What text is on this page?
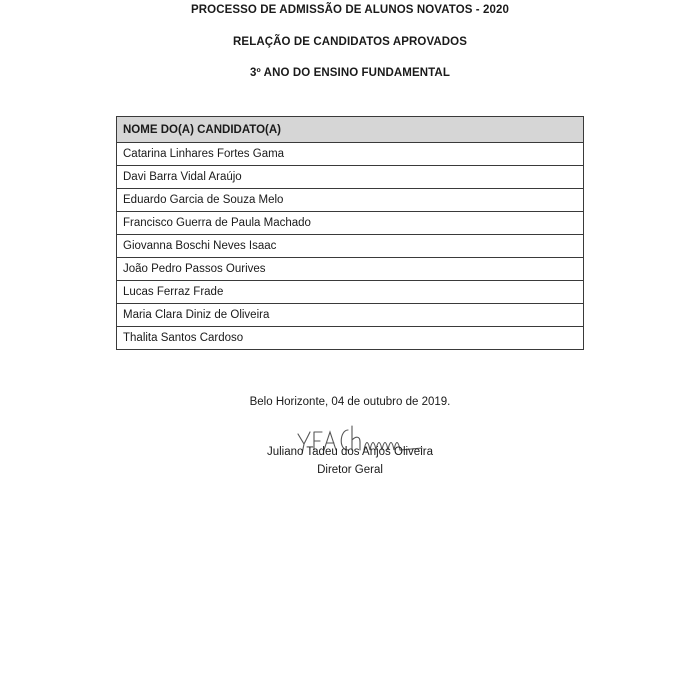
PROCESSO DE ADMISSÃO DE ALUNOS NOVATOS - 2020
RELAÇÃO DE CANDIDATOS APROVADOS
3º ANO DO ENSINO FUNDAMENTAL
NOME DO(A) CANDIDATO(A)
Catarina Linhares Fortes Gama
Davi Barra Vidal Araújo
Eduardo Garcia de Souza Melo
Francisco Guerra de Paula Machado
Giovanna Boschi Neves Isaac
João Pedro Passos Ourives
Lucas Ferraz Frade
Maria Clara Diniz de Oliveira
Thalita Santos Cardoso
Belo Horizonte, 04 de outubro de 2019.
Juliano Tadeu dos Anjos Oliveira
Diretor Geral
